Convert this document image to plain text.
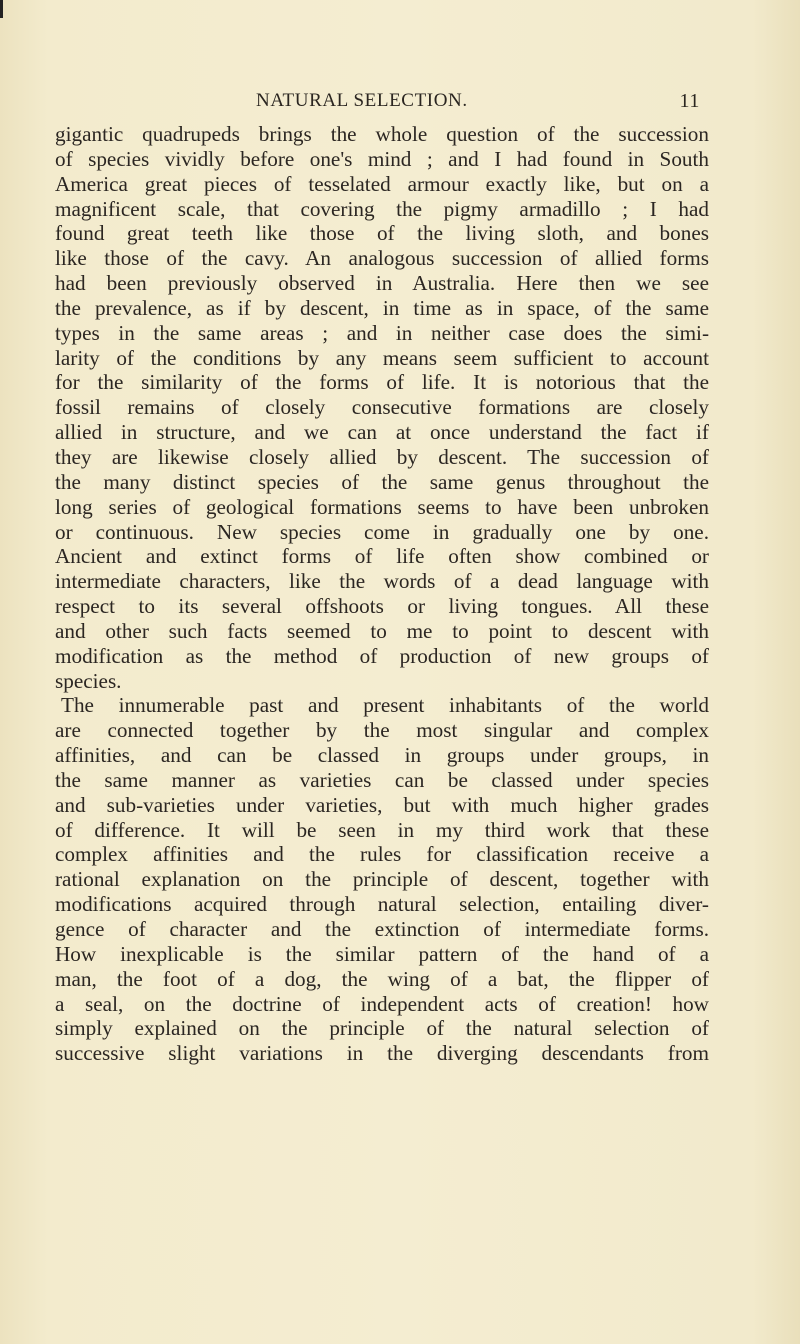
NATURAL SELECTION.	11
gigantic quadrupeds brings the whole question of the succession
of species vividly before one's mind ; and I had found in South
America great pieces of tesselated armour exactly like, but on a
magnificent scale, that covering the pigmy armadillo ; I had
found great teeth like those of the living sloth, and bones
like those of the cavy. An analogous succession of allied forms
had been previously observed in Australia. Here then we see
the prevalence, as if by descent, in time as in space, of the same
types in the same areas ; and in neither case does the simi-
larity of the conditions by any means seem sufficient to account
for the similarity of the forms of life. It is notorious that the
fossil remains of closely consecutive formations are closely
allied in structure, and we can at once understand the fact if
they are likewise closely allied by descent. The succession of
the many distinct species of the same genus throughout the
long series of geological formations seems to have been unbroken
or continuous. New species come in gradually one by one.
Ancient and extinct forms of life often show combined or
intermediate characters, like the words of a dead language with
respect to its several offshoots or living tongues. All these
and other such facts seemed to me to point to descent with
modification as the method of production of new groups of
species.
The innumerable past and present inhabitants of the world
are connected together by the most singular and complex
affinities, and can be classed in groups under groups, in
the same manner as varieties can be classed under species
and sub-varieties under varieties, but with much higher grades
of difference. It will be seen in my third work that these
complex affinities and the rules for classification receive a
rational explanation on the principle of descent, together with
modifications acquired through natural selection, entailing diver-
gence of character and the extinction of intermediate forms.
How inexplicable is the similar pattern of the hand of a
man, the foot of a dog, the wing of a bat, the flipper of
a seal, on the doctrine of independent acts of creation! how
simply explained on the principle of the natural selection of
successive slight variations in the diverging descendants from
